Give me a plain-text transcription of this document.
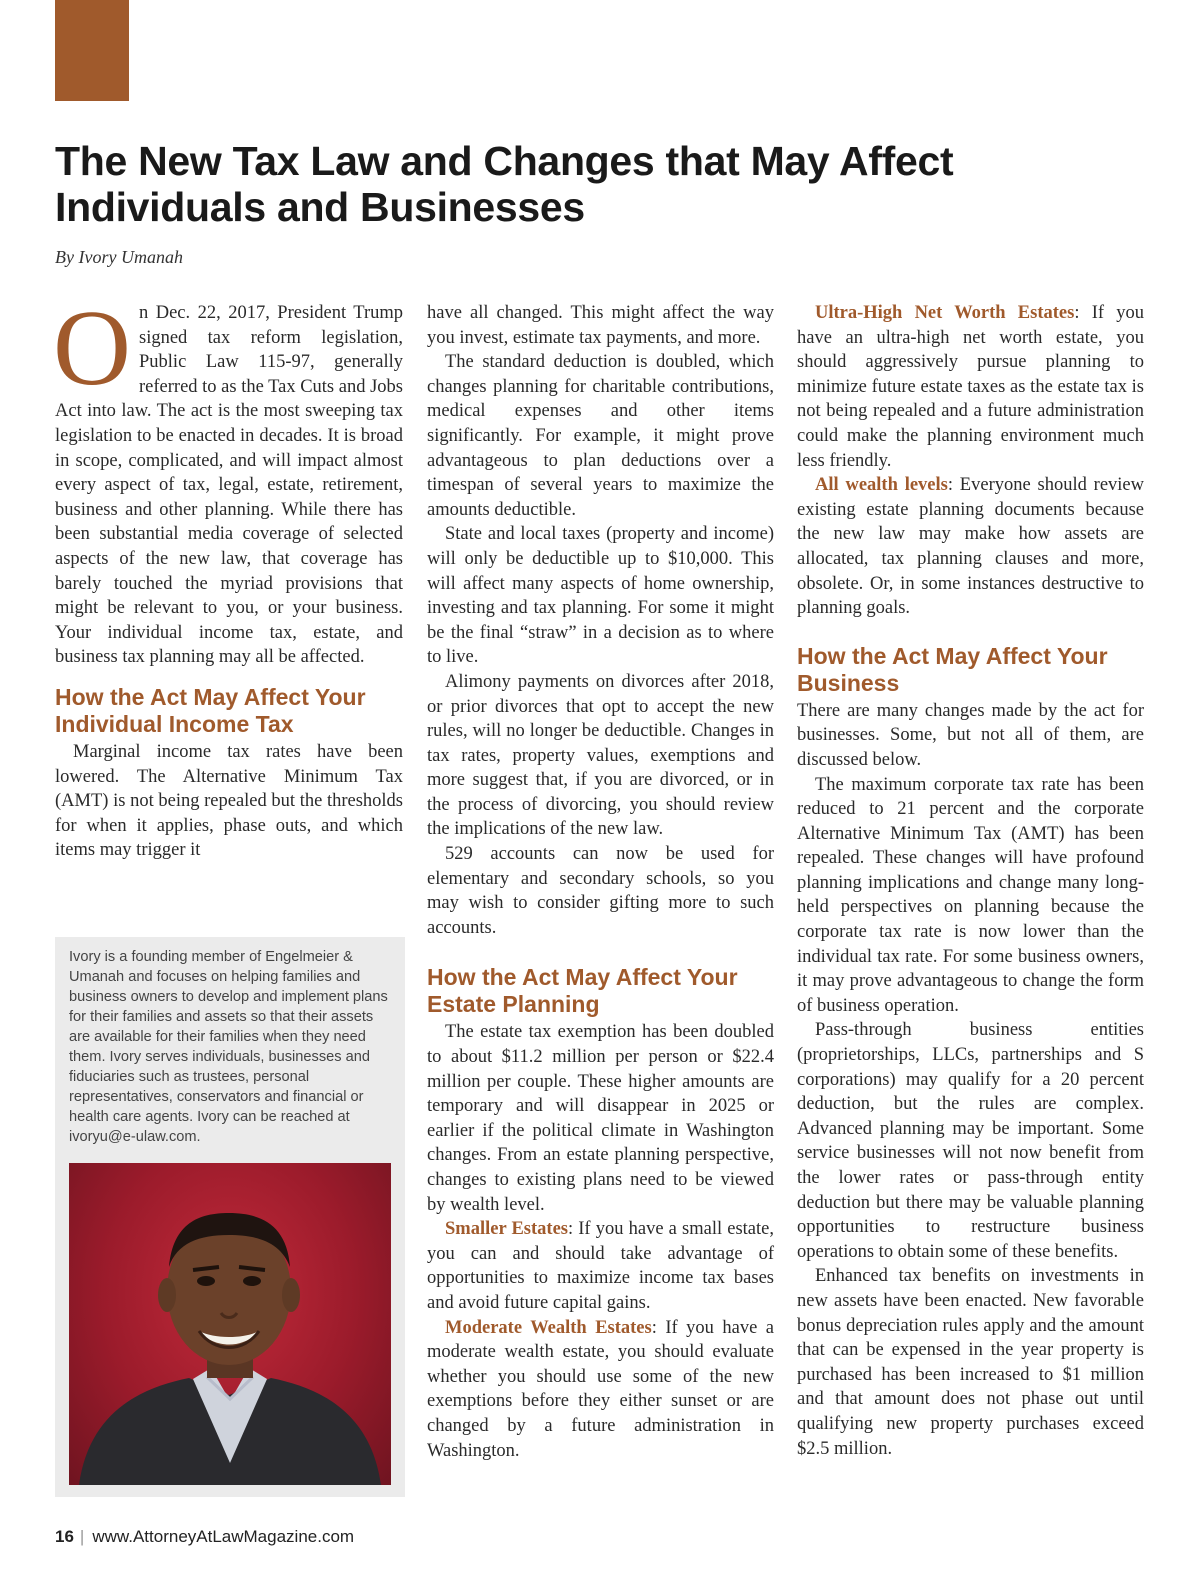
The New Tax Law and Changes that May Affect
Individuals and Businesses
By Ivory Umanah

On Dec. 22, 2017, President Trump signed tax reform legislation, Public Law 115-97, generally referred to as the Tax Cuts and Jobs Act into law. The act is the most sweeping tax legislation to be enacted in decades. It is broad in scope, complicated, and will impact almost every aspect of tax, legal, estate, retirement, business and other planning. While there has been substantial media coverage of selected aspects of the new law, that coverage has barely touched the myriad provisions that might be relevant to you, or your business. Your individual income tax, estate, and business tax planning may all be affected.

How the Act May Affect Your Individual Income Tax

Marginal income tax rates have been lowered. The Alternative Minimum Tax (AMT) is not being repealed but the thresholds for when it applies, phase outs, and which items may trigger it

Ivory is a founding member of Engelmeier & Umanah and focuses on helping families and business owners to develop and implement plans for their families and assets so that their assets are available for their families when they need them. Ivory serves individuals, businesses and fiduciaries such as trustees, personal representatives, conservators and financial or health care agents. Ivory can be reached at ivoryu@e-ulaw.com.

have all changed. This might affect the way you invest, estimate tax payments, and more.

The standard deduction is doubled, which changes planning for charitable contributions, medical expenses and other items significantly. For example, it might prove advantageous to plan deductions over a timespan of several years to maximize the amounts deductible.

State and local taxes (property and income) will only be deductible up to $10,000. This will affect many aspects of home ownership, investing and tax planning. For some it might be the final “straw” in a decision as to where to live.

Alimony payments on divorces after 2018, or prior divorces that opt to accept the new rules, will no longer be deductible. Changes in tax rates, property values, exemptions and more suggest that, if you are divorced, or in the process of divorcing, you should review the implications of the new law.

529 accounts can now be used for elementary and secondary schools, so you may wish to consider gifting more to such accounts.

How the Act May Affect Your Estate Planning

The estate tax exemption has been doubled to about $11.2 million per person or $22.4 million per couple. These higher amounts are temporary and will disappear in 2025 or earlier if the political climate in Washington changes. From an estate planning perspective, changes to existing plans need to be viewed by wealth level.

Smaller Estates: If you have a small estate, you can and should take advantage of opportunities to maximize income tax bases and avoid future capital gains.

Moderate Wealth Estates: If you have a moderate wealth estate, you should evaluate whether you should use some of the new exemptions before they either sunset or are changed by a future administration in Washington.

Ultra-High Net Worth Estates: If you have an ultra-high net worth estate, you should aggressively pursue planning to minimize future estate taxes as the estate tax is not being repealed and a future administration could make the planning environment much less friendly.

All wealth levels: Everyone should review existing estate planning documents because the new law may make how assets are allocated, tax planning clauses and more, obsolete. Or, in some instances destructive to planning goals.

How the Act May Affect Your Business

There are many changes made by the act for businesses. Some, but not all of them, are discussed below.

The maximum corporate tax rate has been reduced to 21 percent and the corporate Alternative Minimum Tax (AMT) has been repealed. These changes will have profound planning implications and change many long-held perspectives on planning because the corporate tax rate is now lower than the individual tax rate. For some business owners, it may prove advantageous to change the form of business operation.

Pass-through business entities (proprietorships, LLCs, partnerships and S corporations) may qualify for a 20 percent deduction, but the rules are complex. Advanced planning may be important. Some service businesses will not now benefit from the lower rates or pass-through entity deduction but there may be valuable planning opportunities to restructure business operations to obtain some of these benefits.

Enhanced tax benefits on investments in new assets have been enacted. New favorable bonus depreciation rules apply and the amount that can be expensed in the year property is purchased has been increased to $1 million and that amount does not phase out until qualifying new property purchases exceed $2.5 million.

16 | www.AttorneyAtLawMagazine.com
